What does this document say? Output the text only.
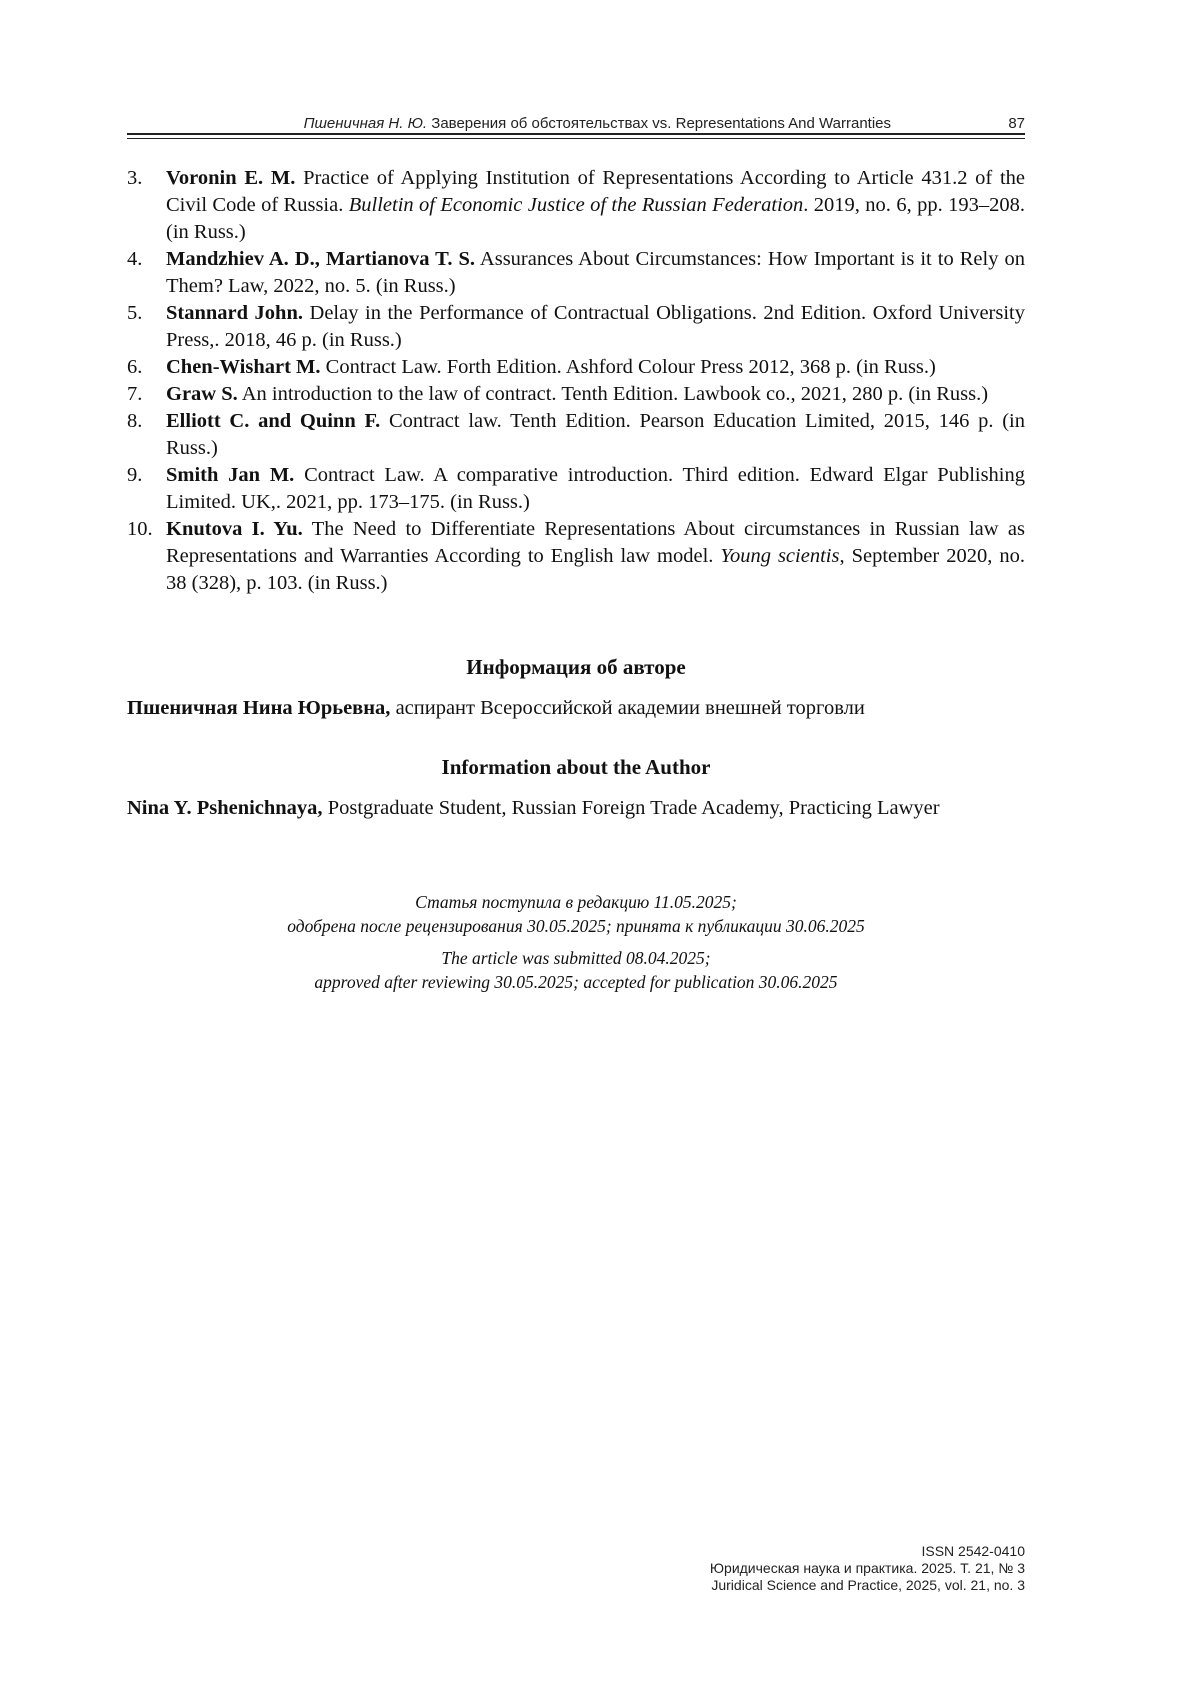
Пшеничная Н. Ю. Заверения об обстоятельствах vs. Representations And Warranties	87
3. Voronin E. M. Practice of Applying Institution of Representations According to Article 431.2 of the Civil Code of Russia. Bulletin of Economic Justice of the Russian Federation. 2019, no. 6, pp. 193–208. (in Russ.)
4. Mandzhiev A. D., Martianova T. S. Assurances About Circumstances: How Important is it to Rely on Them? Law, 2022, no. 5. (in Russ.)
5. Stannard John. Delay in the Performance of Contractual Obligations. 2nd Edition. Oxford University Press,. 2018, 46 p. (in Russ.)
6. Chen-Wishart M. Contract Law. Forth Edition. Ashford Colour Press 2012, 368 p. (in Russ.)
7. Graw S. An introduction to the law of contract. Tenth Edition. Lawbook co., 2021, 280 p. (in Russ.)
8. Elliott C. and Quinn F. Contract law. Tenth Edition. Pearson Education Limited, 2015, 146 p. (in Russ.)
9. Smith Jan M. Contract Law. A comparative introduction. Third edition. Edward Elgar Publishing Limited. UK,. 2021, pp. 173–175. (in Russ.)
10. Knutova I. Yu. The Need to Differentiate Representations About circumstances in Russian law as Representations and Warranties According to English law model. Young scientis, September 2020, no. 38 (328), p. 103. (in Russ.)
Информация об авторе
Пшеничная Нина Юрьевна, аспирант Всероссийской академии внешней торговли
Information about the Author
Nina Y. Pshenichnaya, Postgraduate Student, Russian Foreign Trade Academy, Practicing Lawyer
Статья поступила в редакцию 11.05.2025;
одобрена после рецензирования 30.05.2025; принята к публикации 30.06.2025
The article was submitted 08.04.2025;
approved after reviewing 30.05.2025; accepted for publication 30.06.2025
ISSN 2542-0410
Юридическая наука и практика. 2025. Т. 21, № 3
Juridical Science and Practice, 2025, vol. 21, no. 3
